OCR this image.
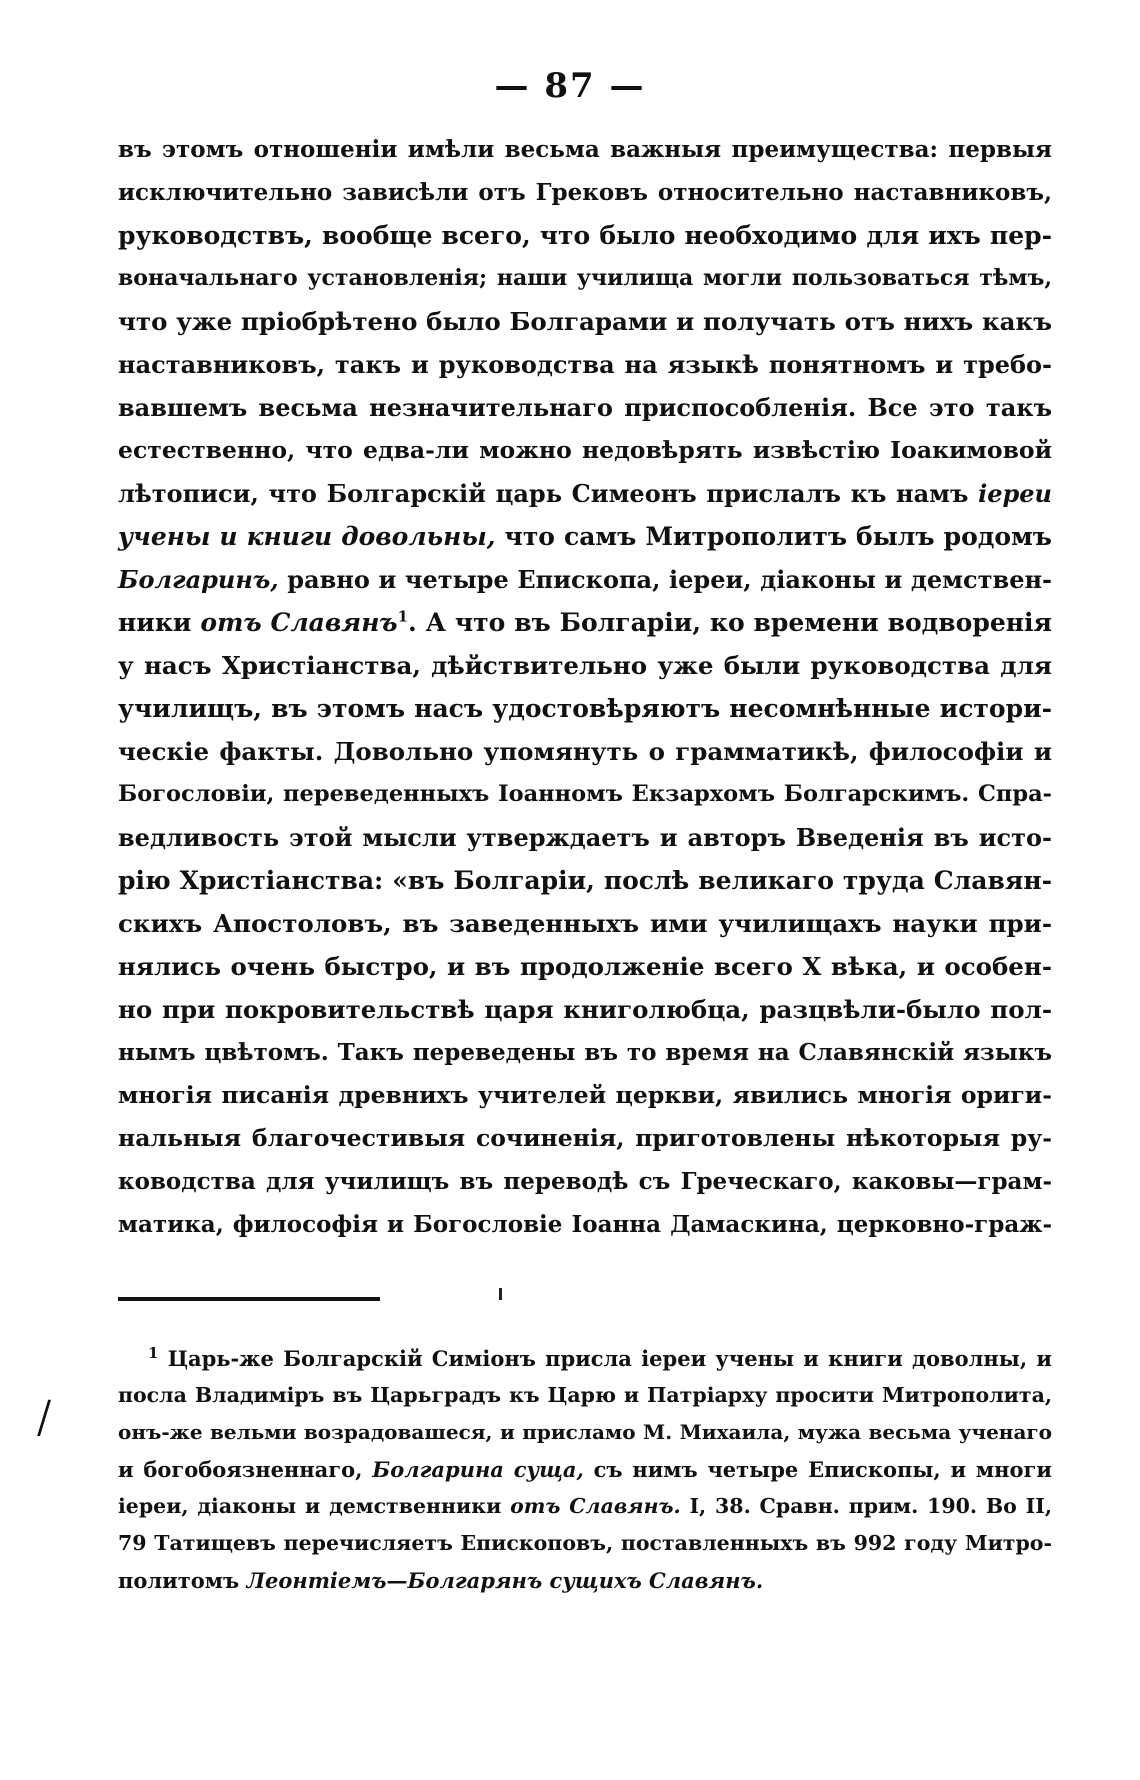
— 87 —
въ этомъ отношеніи имѣли весьма важныя преимущества: первыя
исключительно зависѣли отъ Грековъ относительно наставниковъ,
руководствъ, вообще всего, что было необходимо для ихъ пер-
воначальнаго установленія; наши училища могли пользоваться тѣмъ,
что уже пріобрѣтено было Болгарами и получать отъ нихъ какъ
наставниковъ, такъ и руководства на языкѣ понятномъ и требо-
вавшемъ весьма незначительнаго приспособленія. Все это такъ
естественно, что едва-ли можно недовѣрять извѣстію Іоакимовой
лѣтописи, что Болгарскій царь Симеонъ прислалъ къ намъ іереи
учены и книги довольны, что самъ Митрополитъ былъ родомъ
Болгаринъ, равно и четыре Епископа, іереи, діаконы и демствен-
ники отъ Славянъ$^1$. А что въ Болгаріи, ко времени водворенія
у насъ Христіанства, дѣйствительно уже были руководства для
училищъ, въ этомъ насъ удостовѣряютъ несомнѣнные истори-
ческіе факты. Довольно упомянуть о грамматикѣ, философіи и
Богословіи, переведенныхъ Іоанномъ Екзархомъ Болгарскимъ. Спра-
ведливость этой мысли утверждаетъ и авторъ Введенія въ исто-
рію Христіанства: «въ Болгаріи, послѣ великаго труда Славян-
скихъ Апостоловъ, въ заведенныхъ ими училищахъ науки при-
нялись очень быстро, и въ продолженіе всего X вѣка, и особен-
но при покровительствѣ царя книголюбца, разцвѣли-было пол-
нымъ цвѣтомъ. Такъ переведены въ то время на Славянскій языкъ
многія писанія древнихъ учителей церкви, явились многія ориги-
нальныя благочестивыя сочиненія, приготовлены нѣкоторыя ру-
ководства для училищъ въ переводѣ съ Греческаго, каковы—грам-
матика, философія и Богословіе Іоанна Дамаскина, церковно-граж-
/
$^1$ Царь-же Болгарскій Симіонъ присла іереи учены и книги доволны, и
посла Владиміръ въ Царьградъ къ Царю и Патріарху просити Митрополита,
онъ-же вельми возрадовашеся, и присламо М. Михаила, мужа весьма ученаго
и богобоязненнаго, Болгарина суща, съ нимъ четыре Епископы, и многи
іереи, діаконы и демственники отъ Славянъ. I, 38. Сравн. прим. 190. Во II,
79 Татищевъ перечисляетъ Епископовъ, поставленныхъ въ 992 году Митро-
политомъ Леонтіемъ—Болгарянъ сущихъ Славянъ.
